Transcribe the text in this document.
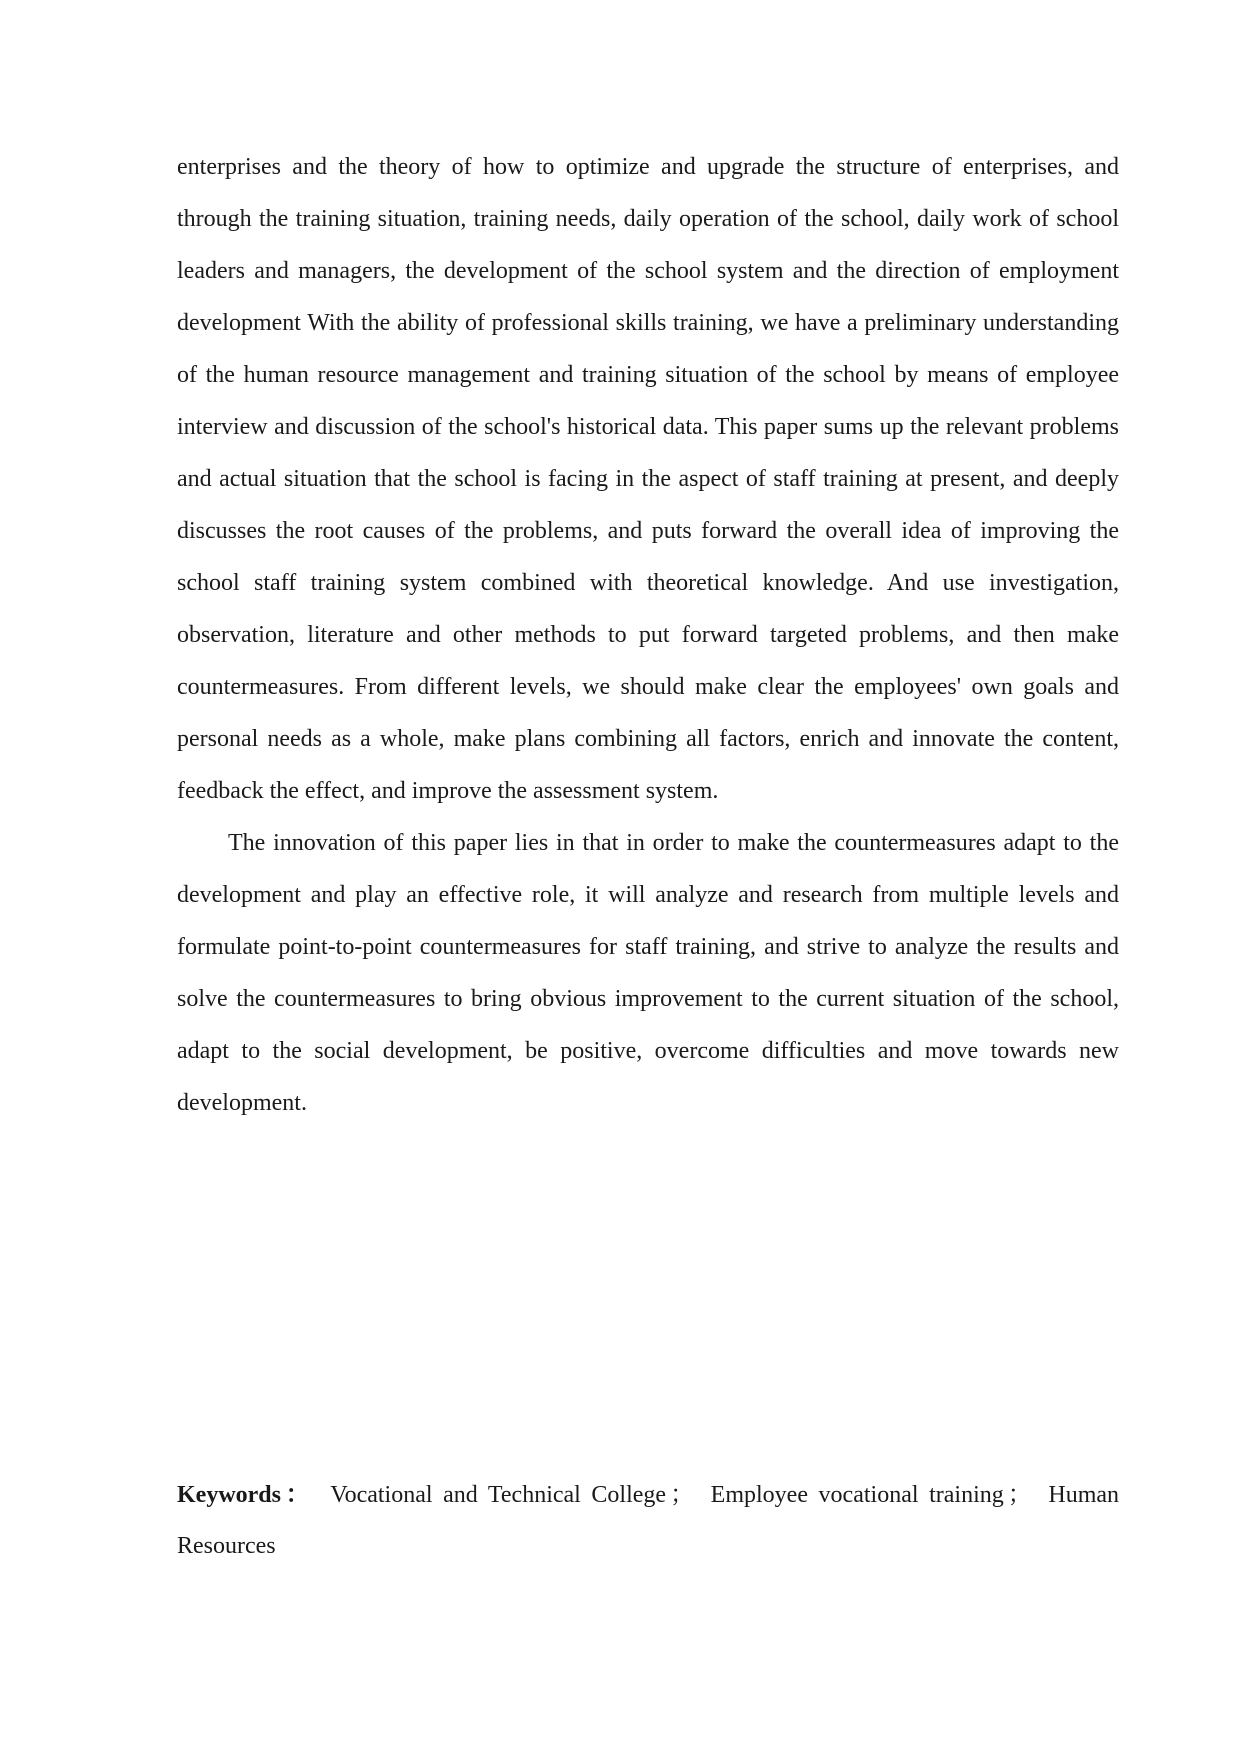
enterprises and the theory of how to optimize and upgrade the structure of enterprises, and through the training situation, training needs, daily operation of the school, daily work of school leaders and managers, the development of the school system and the direction of employment development With the ability of professional skills training, we have a preliminary understanding of the human resource management and training situation of the school by means of employee interview and discussion of the school's historical data. This paper sums up the relevant problems and actual situation that the school is facing in the aspect of staff training at present, and deeply discusses the root causes of the problems, and puts forward the overall idea of improving the school staff training system combined with theoretical knowledge. And use investigation, observation, literature and other methods to put forward targeted problems, and then make countermeasures. From different levels, we should make clear the employees' own goals and personal needs as a whole, make plans combining all factors, enrich and innovate the content, feedback the effect, and improve the assessment system.

The innovation of this paper lies in that in order to make the countermeasures adapt to the development and play an effective role, it will analyze and research from multiple levels and formulate point-to-point countermeasures for staff training, and strive to analyze the results and solve the countermeasures to bring obvious improvement to the current situation of the school, adapt to the social development, be positive, overcome difficulties and move towards new development.

Keywords： Vocational and Technical College ； Employee vocational training ； Human Resources
